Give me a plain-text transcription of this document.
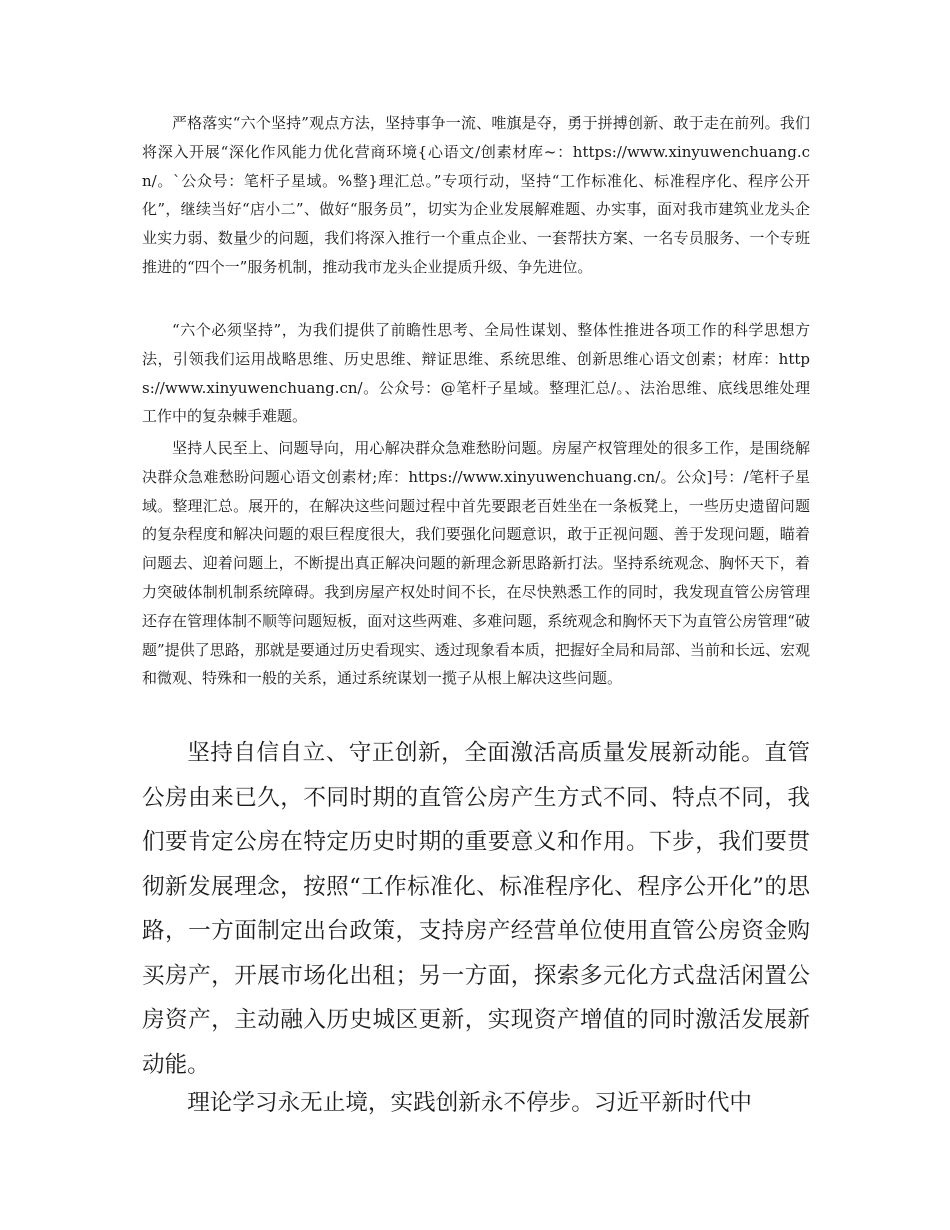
严格落实“六个坚持”观点方法，坚持事争一流、唯旗是夺，勇于拼搏创新、敢于走在前列。我们将深入开展“深化作风能力优化营商环境{心语文/创素材库~：https://www.xinyuwenchuang.cn/。`公众号：笔杆子星域。%整}理汇总。”专项行动，坚持“工作标准化、标准程序化、程序公开化”，继续当好“店小二”、做好“服务员”，切实为企业发展解难题、办实事，面对我市建筑业龙头企业实力弱、数量少的问题，我们将深入推行一个重点企业、一套帮扶方案、一名专员服务、一个专班推进的“四个一”服务机制，推动我市龙头企业提质升级、争先进位。

“六个必须坚持”，为我们提供了前瞻性思考、全局性谋划、整体性推进各项工作的科学思想方法，引领我们运用战略思维、历史思维、辩证思维、系统思维、创新思维心语文创素；材库：https://www.xinyuwenchuang.cn/。公众号：@笔杆子星域。整理汇总/。、法治思维、底线思维处理工作中的复杂棘手难题。

坚持人民至上、问题导向，用心解决群众急难愁盼问题。房屋产权管理处的很多工作，是围绕解决群众急难愁盼问题心语文创素材;库：https://www.xinyuwenchuang.cn/。公众]号：/笔杆子星域。整理汇总。展开的，在解决这些问题过程中首先要跟老百姓坐在一条板凳上，一些历史遗留问题的复杂程度和解决问题的艰巨程度很大，我们要强化问题意识，敢于正视问题、善于发现问题，瞄着问题去、迎着问题上，不断提出真正解决问题的新理念新思路新打法。坚持系统观念、胸怀天下，着力突破体制机制系统障碍。我到房屋产权处时间不长，在尽快熟悉工作的同时，我发现直管公房管理还存在管理体制不顺等问题短板，面对这些两难、多难问题，系统观念和胸怀天下为直管公房管理“破题”提供了思路，那就是要通过历史看现实、透过现象看本质，把握好全局和局部、当前和长远、宏观和微观、特殊和一般的关系，通过系统谋划一揽子从根上解决这些问题。

坚持自信自立、守正创新，全面激活高质量发展新动能。直管公房由来已久，不同时期的直管公房产生方式不同、特点不同，我们要肯定公房在特定历史时期的重要意义和作用。下步，我们要贯彻新发展理念，按照“工作标准化、标准程序化、程序公开化”的思路，一方面制定出台政策，支持房产经营单位使用直管公房资金购买房产，开展市场化出租；另一方面，探索多元化方式盘活闲置公房资产，主动融入历史城区更新，实现资产增值的同时激活发展新动能。

理论学习永无止境，实践创新永不停步。习近平新时代中
